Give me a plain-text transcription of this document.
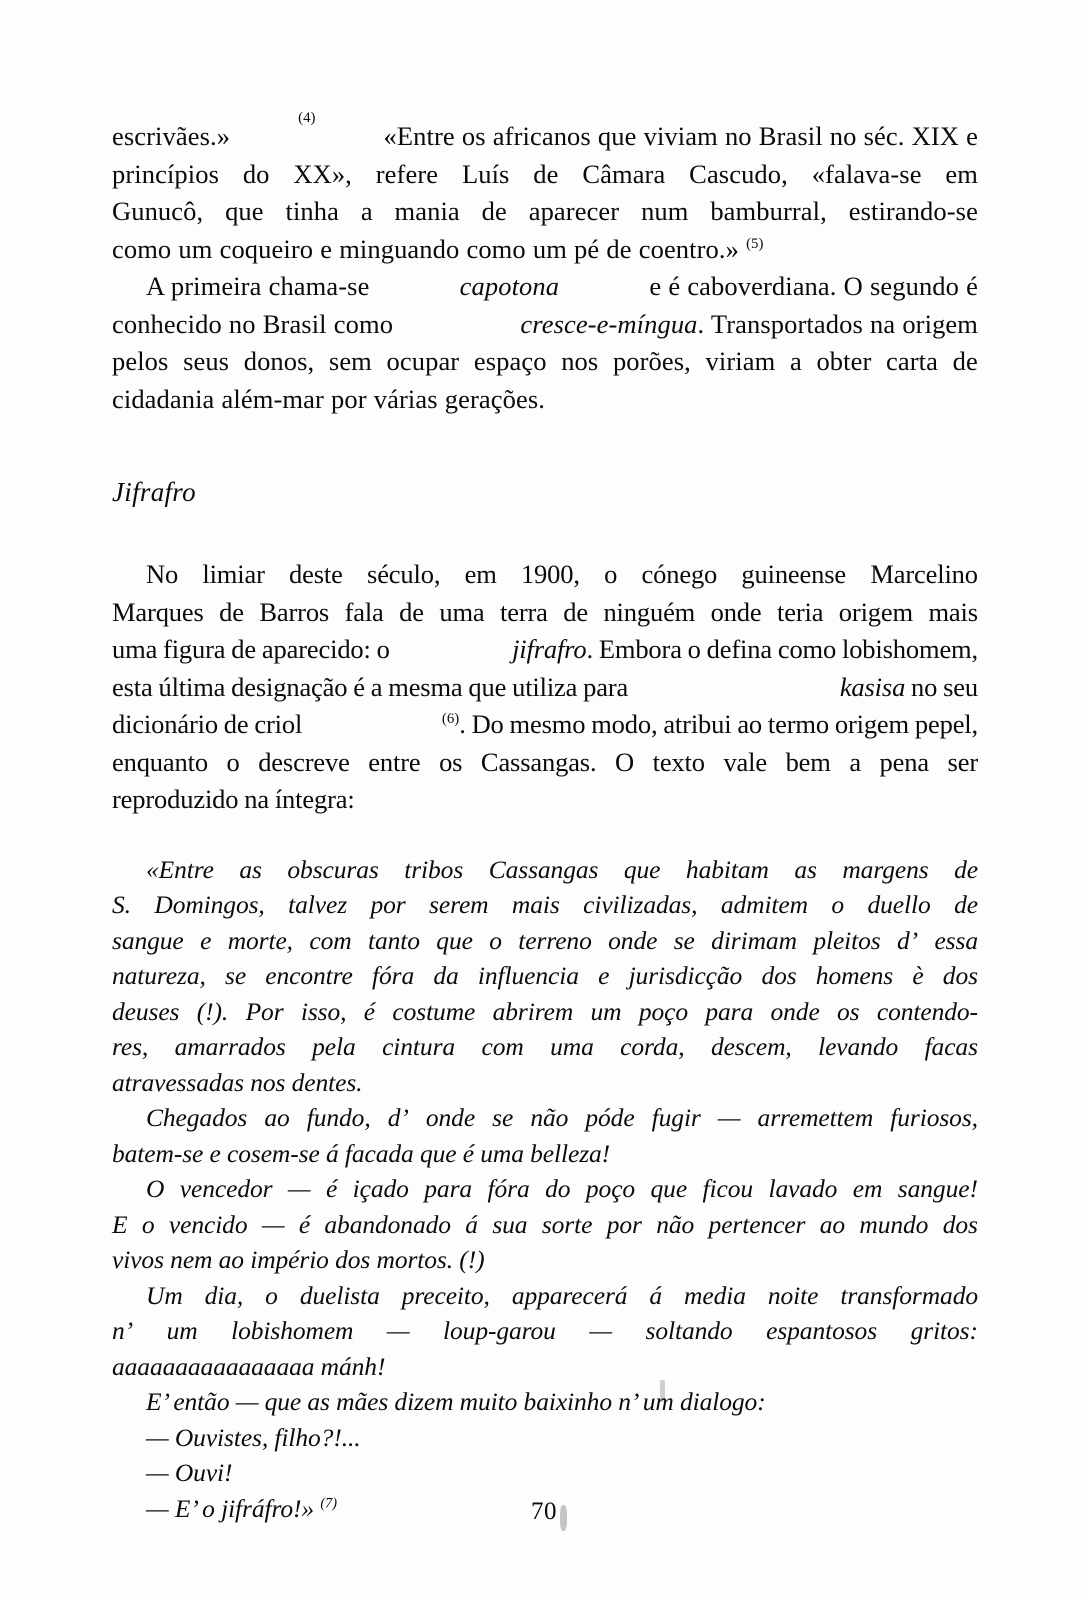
escrivães.»
(4)
«Entre os africanos que viviam no Brasil no séc. XIX e
princípios do XX», refere Luís de Câmara Cascudo, «falava-se em
Gunucô, que tinha a mania de aparecer num bamburral, estirando-se
como um coqueiro e minguando como um pé de coentro.» $^{(5)}$

A primeira chama-se	capotona	e é caboverdiana. O segundo é
conhecido no Brasil como	cresce-e-míngua. Transportados na origem
pelos seus donos, sem ocupar espaço nos porões, viriam a obter carta de
cidadania além-mar por várias gerações.

Jifrafro

No limiar deste século, em 1900, o cónego guineense Marcelino
Marques de Barros fala de uma terra de ninguém onde teria origem mais
uma figura de aparecido: o	jifrafro. Embora o defina como lobishomem,
esta última designação é a mesma que utiliza para	kasisa no seu
dicionário de criol	$^{(6)}$. Do mesmo modo, atribui ao termo origem pepel,
enquanto o descreve entre os Cassangas. O texto vale bem a pena ser
reproduzido na íntegra:

«Entre as obscuras tribos Cassangas que habitam as margens de
S. Domingos, talvez por serem mais civilizadas, admitem o duello de
sangue e morte, com tanto que o terreno onde se dirimam pleitos d’ essa
natureza, se encontre fóra da influencia e jurisdicção dos homens è dos
deuses (!). Por isso, é costume abrirem um poço para onde os contendo-
res, amarrados pela cintura com uma corda, descem, levando facas
atravessadas nos dentes.
Chegados ao fundo, d’ onde se não póde fugir — arremettem furiosos,
batem-se e cosem-se á facada que é uma belleza!
O vencedor — é içado para fóra do poço que ficou lavado em sangue!
E o vencido — é abandonado á sua sorte por não pertencer ao mundo dos
vivos nem ao império dos mortos. (!)
Um dia, o duelista preceito, apparecerá á media noite transformado
n’ um lobishomem — loup-garou — soltando espantosos gritos:
aaaaaaaaaaaaaaaa mánh!
E’ então — que as mães dizem muito baixinho n’ um dialogo:
— Ouvistes, filho?!...
— Ouvi!
— E’ o jifráfro!» $^{(7)}$	70
